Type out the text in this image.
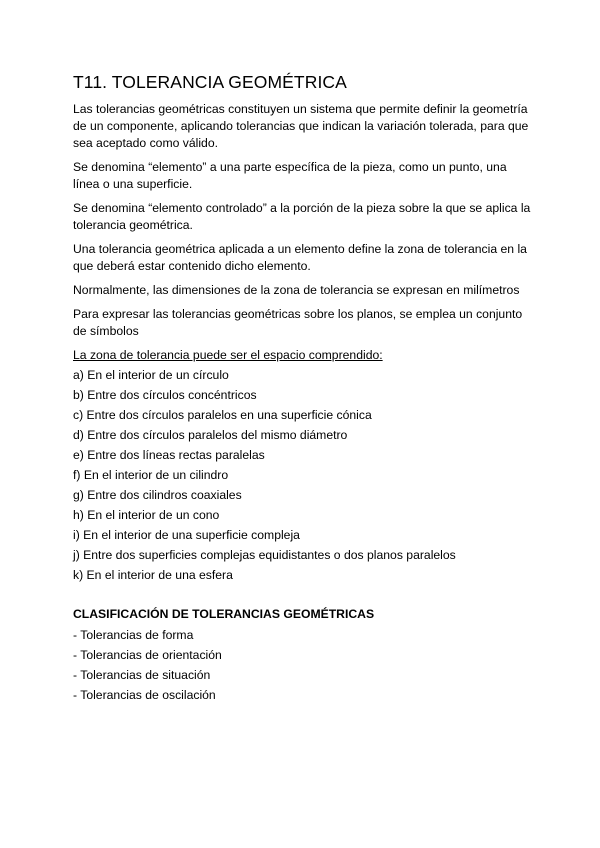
T11. TOLERANCIA GEOMÉTRICA

Las tolerancias geométricas constituyen un sistema que permite definir la geometría de un componente, aplicando tolerancias que indican la variación tolerada, para que sea aceptado como válido.

Se denomina “elemento” a una parte específica de la pieza, como un punto, una línea o una superficie.

Se denomina “elemento controlado” a la porción de la pieza sobre la que se aplica la tolerancia geométrica.

Una tolerancia geométrica aplicada a un elemento define la zona de tolerancia en la que deberá estar contenido dicho elemento.

Normalmente, las dimensiones de la zona de tolerancia se expresan en milímetros

Para expresar las tolerancias geométricas sobre los planos, se emplea un conjunto de símbolos

La zona de tolerancia puede ser el espacio comprendido:

a) En el interior de un círculo

b) Entre dos círculos concéntricos

c) Entre dos círculos paralelos en una superficie cónica

d) Entre dos círculos paralelos del mismo diámetro

e) Entre dos líneas rectas paralelas

f) En el interior de un cilindro

g) Entre dos cilindros coaxiales

h) En el interior de un cono

i) En el interior de una superficie compleja

j) Entre dos superficies complejas equidistantes o dos planos paralelos

k) En el interior de una esfera

CLASIFICACIÓN DE TOLERANCIAS GEOMÉTRICAS

- Tolerancias de forma

- Tolerancias de orientación

- Tolerancias de situación

- Tolerancias de oscilación
